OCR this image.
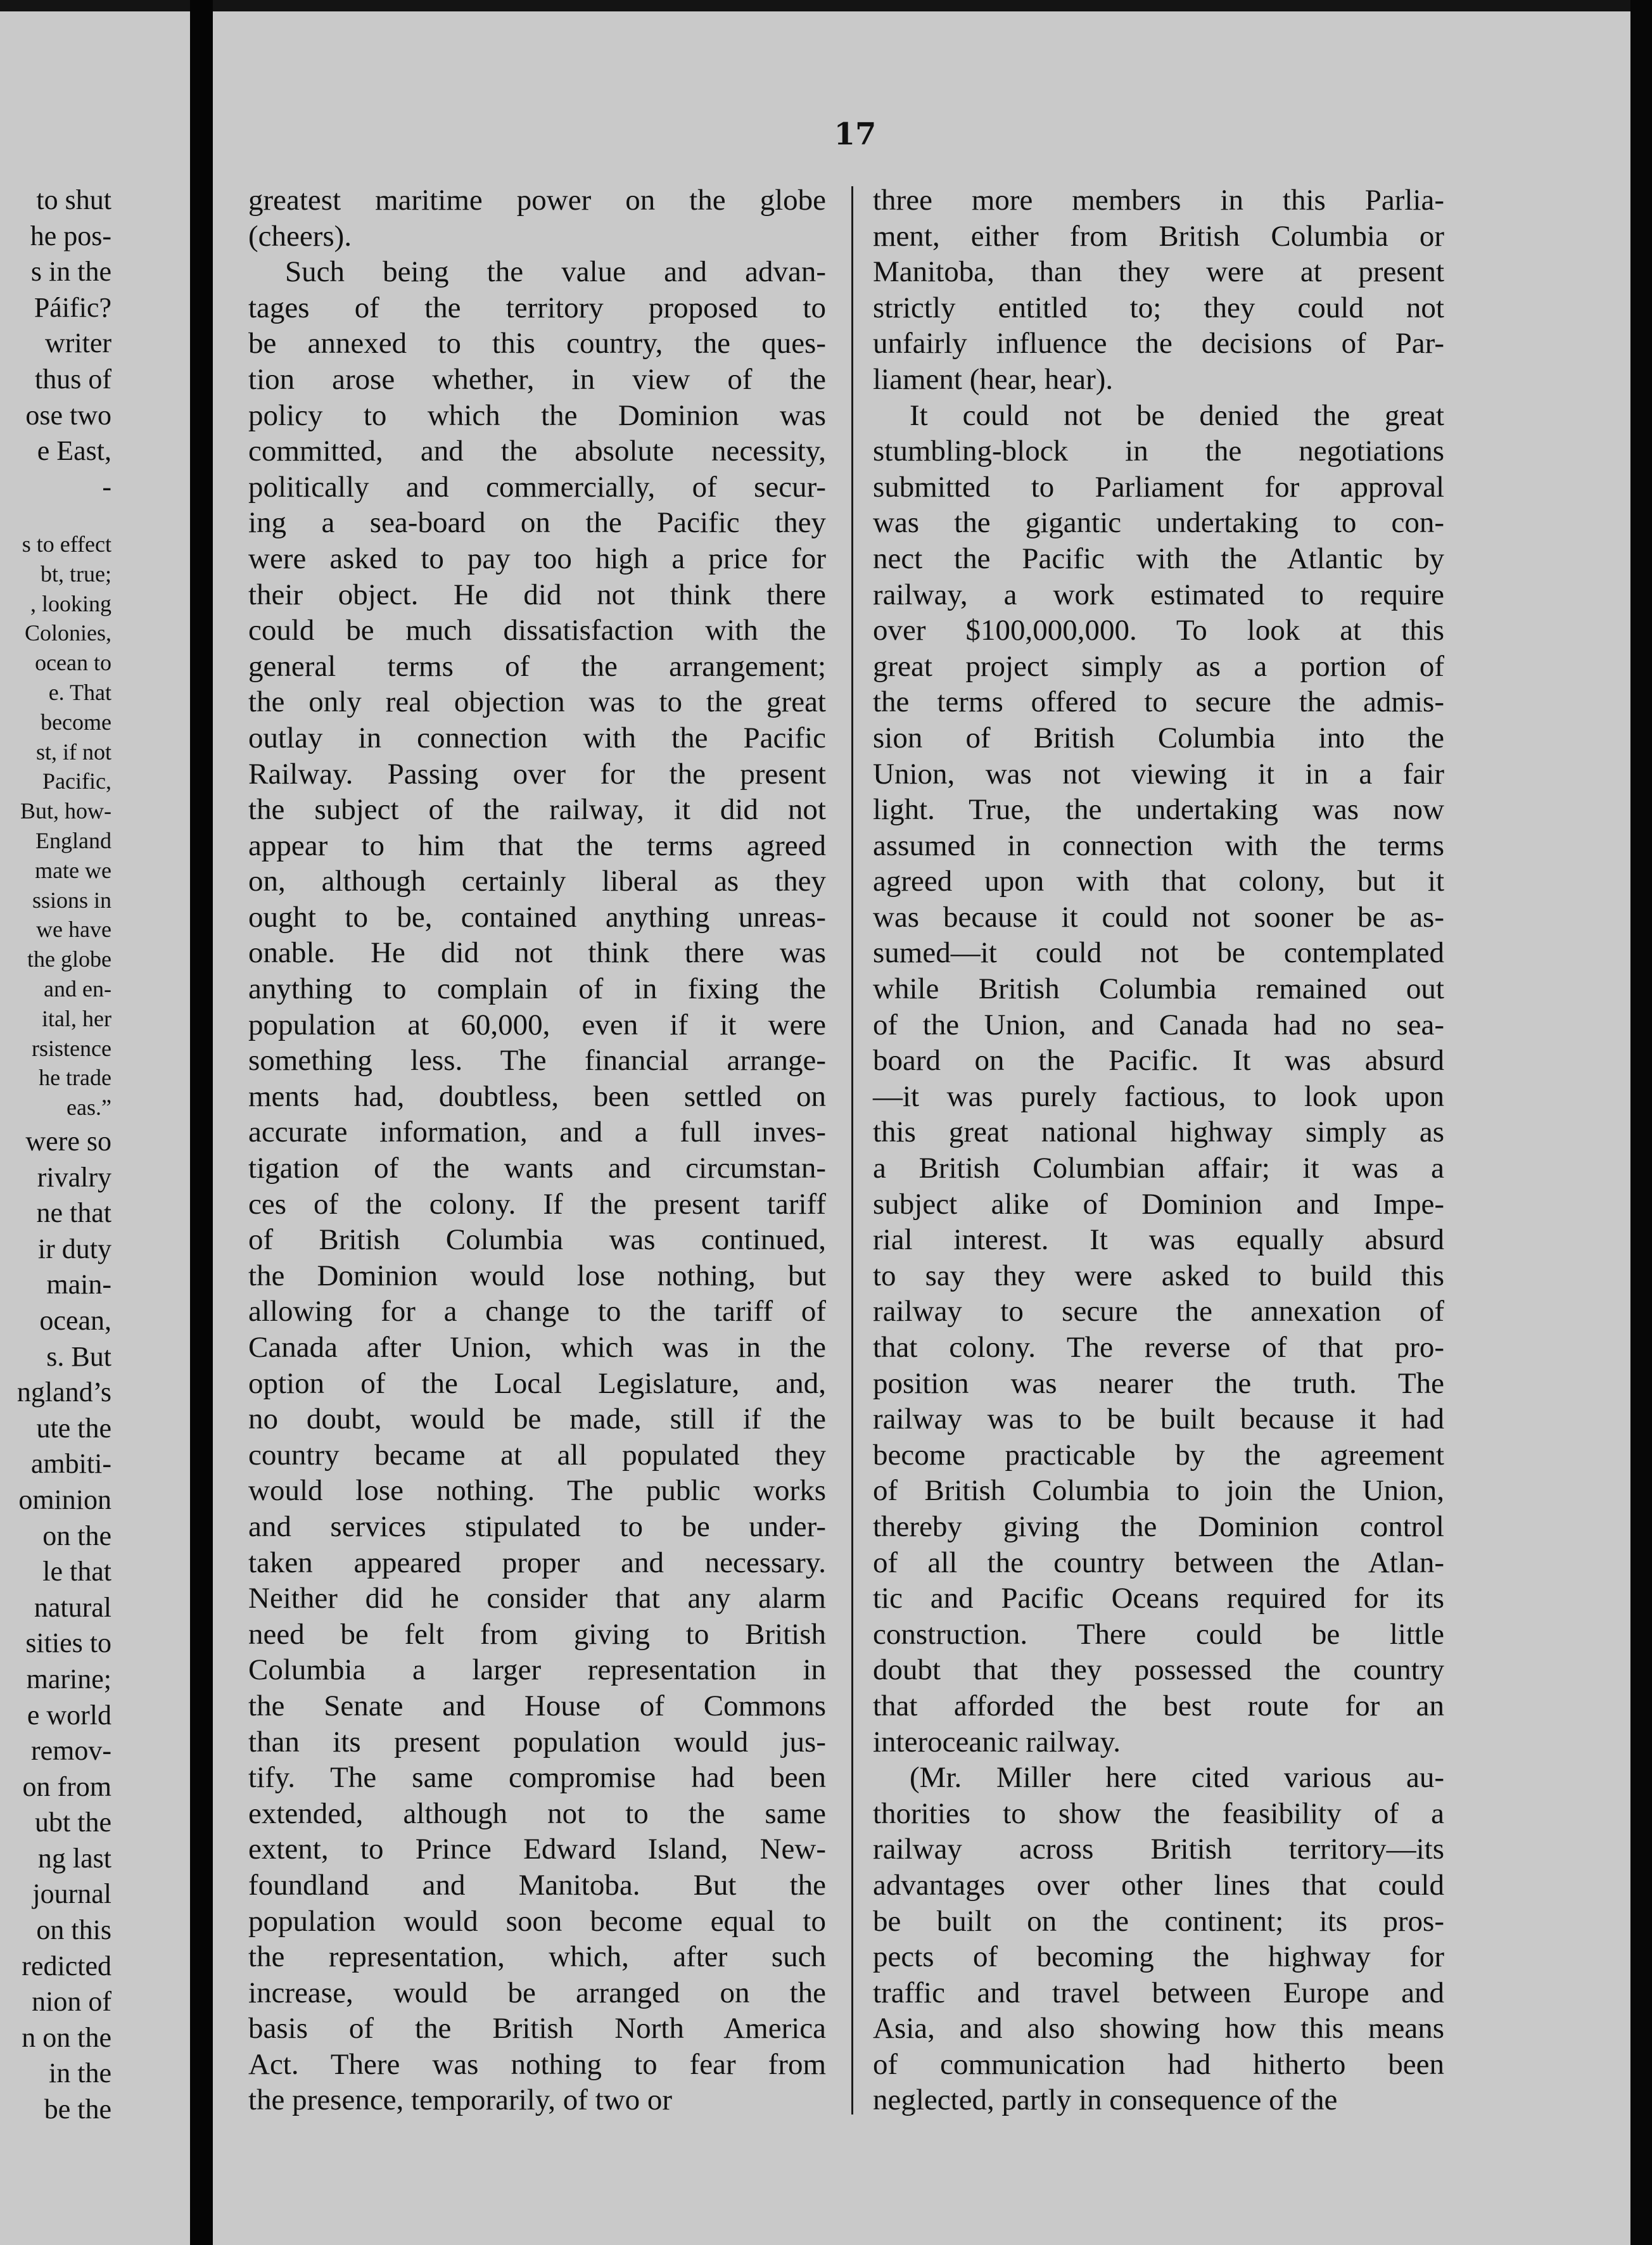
17
to shut
he pos-
s in the
Páific?
writer
thus of
ose two
e East,
-
s to effect
bt, true;
, looking
Colonies,
ocean to
e. That
become
st, if not
Pacific,
But, how-
England
mate we
ssions in
we have
the globe
and en-
ital, her
rsistence
he trade
eas.”
were so
rivalry
ne that
ir duty
main-
ocean,
s. But
ngland’s
ute the
ambiti-
ominion
on the
le that
natural
sities to
marine;
e world
remov-
on from
ubt the
ng last
journal
on this
redicted
nion of
n on the
in the
be the
greatest maritime power on the globe
(cheers).
Such being the value and advan-
tages of the territory proposed to
be annexed to this country, the ques-
tion arose whether, in view of the
policy to which the Dominion was
committed, and the absolute necessity,
politically and commercially, of secur-
ing a sea-board on the Pacific they
were asked to pay too high a price for
their object. He did not think there
could be much dissatisfaction with the
general terms of the arrangement;
the only real objection was to the great
outlay in connection with the Pacific
Railway. Passing over for the present
the subject of the railway, it did not
appear to him that the terms agreed
on, although certainly liberal as they
ought to be, contained anything unreas-
onable. He did not think there was
anything to complain of in fixing the
population at 60,000, even if it were
something less. The financial arrange-
ments had, doubtless, been settled on
accurate information, and a full inves-
tigation of the wants and circumstan-
ces of the colony. If the present tariff
of British Columbia was continued,
the Dominion would lose nothing, but
allowing for a change to the tariff of
Canada after Union, which was in the
option of the Local Legislature, and,
no doubt, would be made, still if the
country became at all populated they
would lose nothing. The public works
and services stipulated to be under-
taken appeared proper and necessary.
Neither did he consider that any alarm
need be felt from giving to British
Columbia a larger representation in
the Senate and House of Commons
than its present population would jus-
tify. The same compromise had been
extended, although not to the same
extent, to Prince Edward Island, New-
foundland and Manitoba. But the
population would soon become equal to
the representation, which, after such
increase, would be arranged on the
basis of the British North America
Act. There was nothing to fear from
the presence, temporarily, of two or
three more members in this Parlia-
ment, either from British Columbia or
Manitoba, than they were at present
strictly entitled to; they could not
unfairly influence the decisions of Par-
liament (hear, hear).
It could not be denied the great
stumbling-block in the negotiations
submitted to Parliament for approval
was the gigantic undertaking to con-
nect the Pacific with the Atlantic by
railway, a work estimated to require
over $100,000,000. To look at this
great project simply as a portion of
the terms offered to secure the admis-
sion of British Columbia into the
Union, was not viewing it in a fair
light. True, the undertaking was now
assumed in connection with the terms
agreed upon with that colony, but it
was because it could not sooner be as-
sumed—it could not be contemplated
while British Columbia remained out
of the Union, and Canada had no sea-
board on the Pacific. It was absurd
—it was purely factious, to look upon
this great national highway simply as
a British Columbian affair; it was a
subject alike of Dominion and Impe-
rial interest. It was equally absurd
to say they were asked to build this
railway to secure the annexation of
that colony. The reverse of that pro-
position was nearer the truth. The
railway was to be built because it had
become practicable by the agreement
of British Columbia to join the Union,
thereby giving the Dominion control
of all the country between the Atlan-
tic and Pacific Oceans required for its
construction. There could be little
doubt that they possessed the country
that afforded the best route for an
interoceanic railway.
(Mr. Miller here cited various au-
thorities to show the feasibility of a
railway across British territory—its
advantages over other lines that could
be built on the continent; its pros-
pects of becoming the highway for
traffic and travel between Europe and
Asia, and also showing how this means
of communication had hitherto been
neglected, partly in consequence of the
